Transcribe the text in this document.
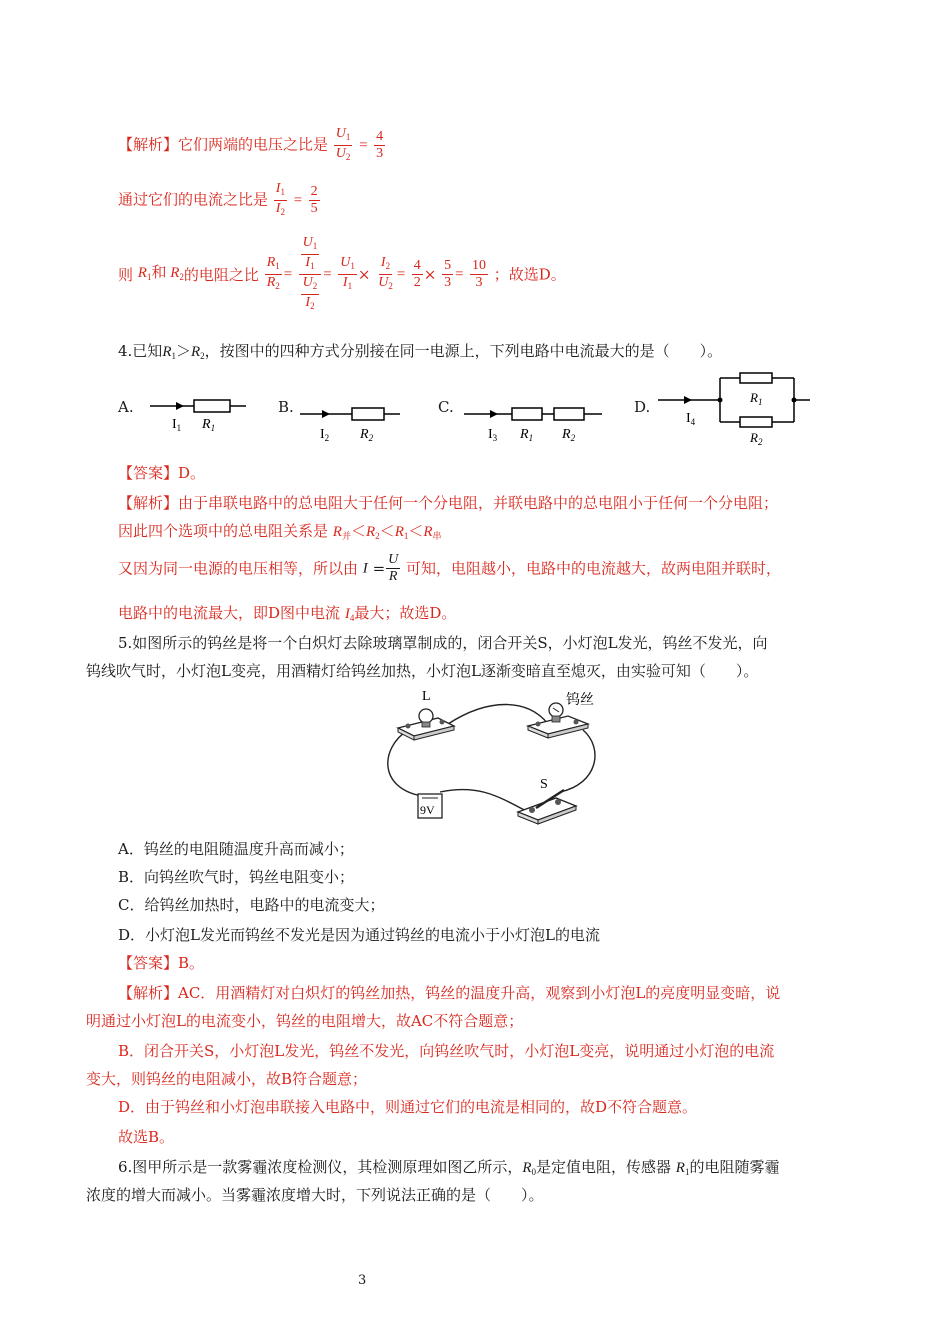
【解析】它们两端的电压之比是 $\frac{U_1}{U_2} = \frac{4}{3}$
通过它们的电流之比是 $\frac{I_1}{I_2} = \frac{2}{5}$
则 $R_1$和 $R_2$的电阻之比 $\frac{R_1}{R_2} = \frac{\frac{U_1}{I_1}}{\frac{U_2}{I_2}} = \frac{U_1}{I_1} \times \frac{I_2}{U_2} = \frac{4}{2} \times \frac{5}{3} = \frac{10}{3}$ ；故选D。
4.已知$R_1>R_2$，按图中的四种方式分别接在同一电源上，下列电路中电流最大的是（　　）。
A.
$I_1$ $R_1$
B.
$I_2$ $R_2$
C.
$I_3$ $R_1$ $R_2$
D.
$I_4$
$R_1$
$R_2$
【答案】D。
【解析】由于串联电路中的总电阻大于任何一个分电阻，并联电路中的总电阻小于任何一个分电阻；
因此四个选项中的总电阻关系是 $R_并<R_2<R_1<R_串$
又因为同一电源的电压相等，所以由 $I = \frac{U}{R}$ 可知，电阻越小，电路中的电流越大，故两电阻并联时，
电路中的电流最大，即D图中电流 $I_4$最大；故选D。
5.如图所示的钨丝是将一个白炽灯去除玻璃罩制成的，闭合开关S，小灯泡L发光，钨丝不发光，向
钨线吹气时，小灯泡L变亮，用酒精灯给钨丝加热，小灯泡L逐渐变暗直至熄灭，由实验可知（　　）。
L	钨丝
9V
S
A．钨丝的电阻随温度升高而减小；
B．向钨丝吹气时，钨丝电阻变小；
C．给钨丝加热时，电路中的电流变大；
D．小灯泡L发光而钨丝不发光是因为通过钨丝的电流小于小灯泡L的电流
【答案】B。
【解析】AC．用酒精灯对白炽灯的钨丝加热，钨丝的温度升高，观察到小灯泡L的亮度明显变暗，说
明通过小灯泡L的电流变小，钨丝的电阻增大，故AC不符合题意；
B．闭合开关S，小灯泡L发光，钨丝不发光，向钨丝吹气时，小灯泡L变亮，说明通过小灯泡的电流
变大，则钨丝的电阻减小，故B符合题意；
D．由于钨丝和小灯泡串联接入电路中，则通过它们的电流是相同的，故D不符合题意。
故选B。
6.图甲所示是一款雾霾浓度检测仪，其检测原理如图乙所示，$R_0$是定值电阻，传感器 $R_1$的电阻随雾霾
浓度的增大而减小。当雾霾浓度增大时，下列说法正确的是（　　）。
3
